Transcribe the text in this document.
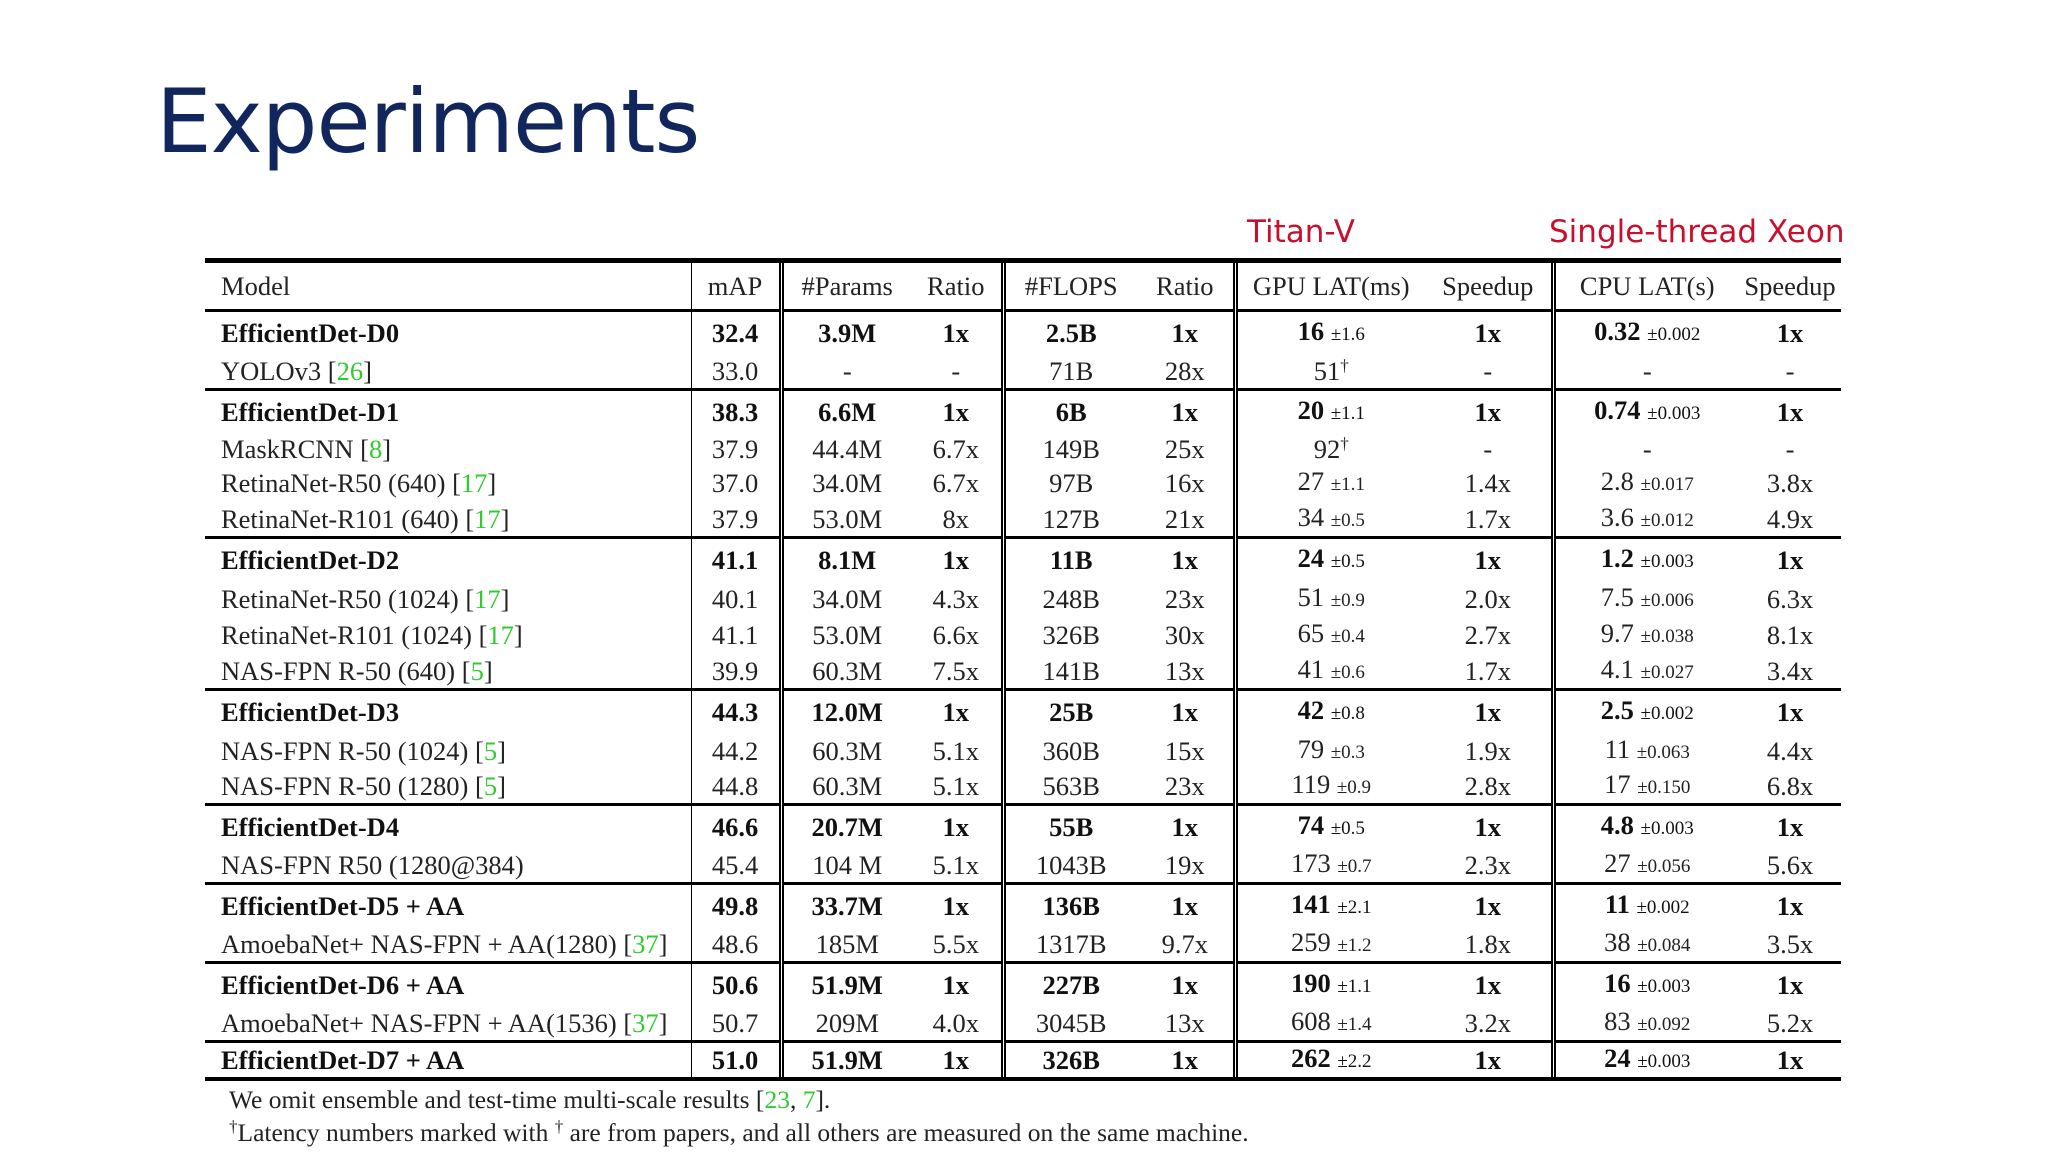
Experiments
Titan-V	Single-thread Xeon
Model	mAP	#Params	Ratio	#FLOPS	Ratio	GPU LAT(ms)	Speedup	CPU LAT(s)	Speedup
EfficientDet-D0	32.4	3.9M	1x	2.5B	1x	16 ±1.6	1x	0.32 ±0.002	1x
YOLOv3 [26]	33.0	-	-	71B	28x	51†	-	-	-
EfficientDet-D1	38.3	6.6M	1x	6B	1x	20 ±1.1	1x	0.74 ±0.003	1x
MaskRCNN [8]	37.9	44.4M	6.7x	149B	25x	92†	-	-	-
RetinaNet-R50 (640) [17]	37.0	34.0M	6.7x	97B	16x	27 ±1.1	1.4x	2.8 ±0.017	3.8x
RetinaNet-R101 (640) [17]	37.9	53.0M	8x	127B	21x	34 ±0.5	1.7x	3.6 ±0.012	4.9x
EfficientDet-D2	41.1	8.1M	1x	11B	1x	24 ±0.5	1x	1.2 ±0.003	1x
RetinaNet-R50 (1024) [17]	40.1	34.0M	4.3x	248B	23x	51 ±0.9	2.0x	7.5 ±0.006	6.3x
RetinaNet-R101 (1024) [17]	41.1	53.0M	6.6x	326B	30x	65 ±0.4	2.7x	9.7 ±0.038	8.1x
NAS-FPN R-50 (640) [5]	39.9	60.3M	7.5x	141B	13x	41 ±0.6	1.7x	4.1 ±0.027	3.4x
EfficientDet-D3	44.3	12.0M	1x	25B	1x	42 ±0.8	1x	2.5 ±0.002	1x
NAS-FPN R-50 (1024) [5]	44.2	60.3M	5.1x	360B	15x	79 ±0.3	1.9x	11 ±0.063	4.4x
NAS-FPN R-50 (1280) [5]	44.8	60.3M	5.1x	563B	23x	119 ±0.9	2.8x	17 ±0.150	6.8x
EfficientDet-D4	46.6	20.7M	1x	55B	1x	74 ±0.5	1x	4.8 ±0.003	1x
NAS-FPN R50 (1280@384)	45.4	104 M	5.1x	1043B	19x	173 ±0.7	2.3x	27 ±0.056	5.6x
EfficientDet-D5 + AA	49.8	33.7M	1x	136B	1x	141 ±2.1	1x	11 ±0.002	1x
AmoebaNet+ NAS-FPN + AA(1280) [37]	48.6	185M	5.5x	1317B	9.7x	259 ±1.2	1.8x	38 ±0.084	3.5x
EfficientDet-D6 + AA	50.6	51.9M	1x	227B	1x	190 ±1.1	1x	16 ±0.003	1x
AmoebaNet+ NAS-FPN + AA(1536) [37]	50.7	209M	4.0x	3045B	13x	608 ±1.4	3.2x	83 ±0.092	5.2x
EfficientDet-D7 + AA	51.0	51.9M	1x	326B	1x	262 ±2.2	1x	24 ±0.003	1x
We omit ensemble and test-time multi-scale results [23, 7].
†Latency numbers marked with † are from papers, and all others are measured on the same machine.
